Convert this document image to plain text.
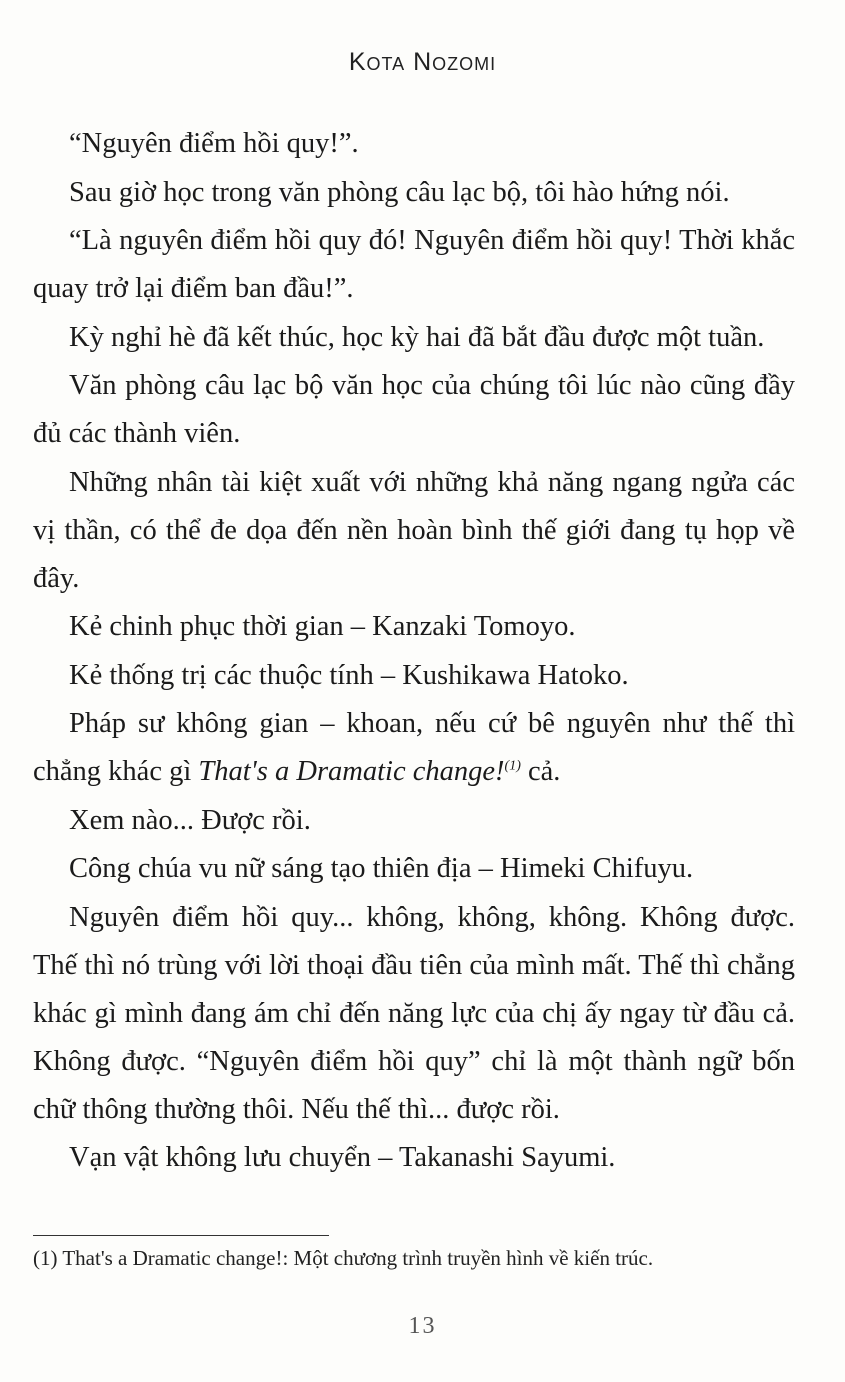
Kota Nozomi

“Nguyên điểm hồi quy!”.

Sau giờ học trong văn phòng câu lạc bộ, tôi hào hứng nói.

“Là nguyên điểm hồi quy đó! Nguyên điểm hồi quy! Thời khắc quay trở lại điểm ban đầu!”.

Kỳ nghỉ hè đã kết thúc, học kỳ hai đã bắt đầu được một tuần.

Văn phòng câu lạc bộ văn học của chúng tôi lúc nào cũng đầy đủ các thành viên.

Những nhân tài kiệt xuất với những khả năng ngang ngửa các vị thần, có thể đe dọa đến nền hoàn bình thế giới đang tụ họp về đây.

Kẻ chinh phục thời gian – Kanzaki Tomoyo.

Kẻ thống trị các thuộc tính – Kushikawa Hatoko.

Pháp sư không gian – khoan, nếu cứ bê nguyên như thế thì chẳng khác gì That's a Dramatic change!$^{(1)}$ cả.

Xem nào... Được rồi.

Công chúa vu nữ sáng tạo thiên địa – Himeki Chifuyu.

Nguyên điểm hồi quy... không, không, không. Không được. Thế thì nó trùng với lời thoại đầu tiên của mình mất. Thế thì chẳng khác gì mình đang ám chỉ đến năng lực của chị ấy ngay từ đầu cả. Không được. “Nguyên điểm hồi quy” chỉ là một thành ngữ bốn chữ thông thường thôi. Nếu thế thì... được rồi.

Vạn vật không lưu chuyển – Takanashi Sayumi.

(1) That's a Dramatic change!: Một chương trình truyền hình về kiến trúc.
13
